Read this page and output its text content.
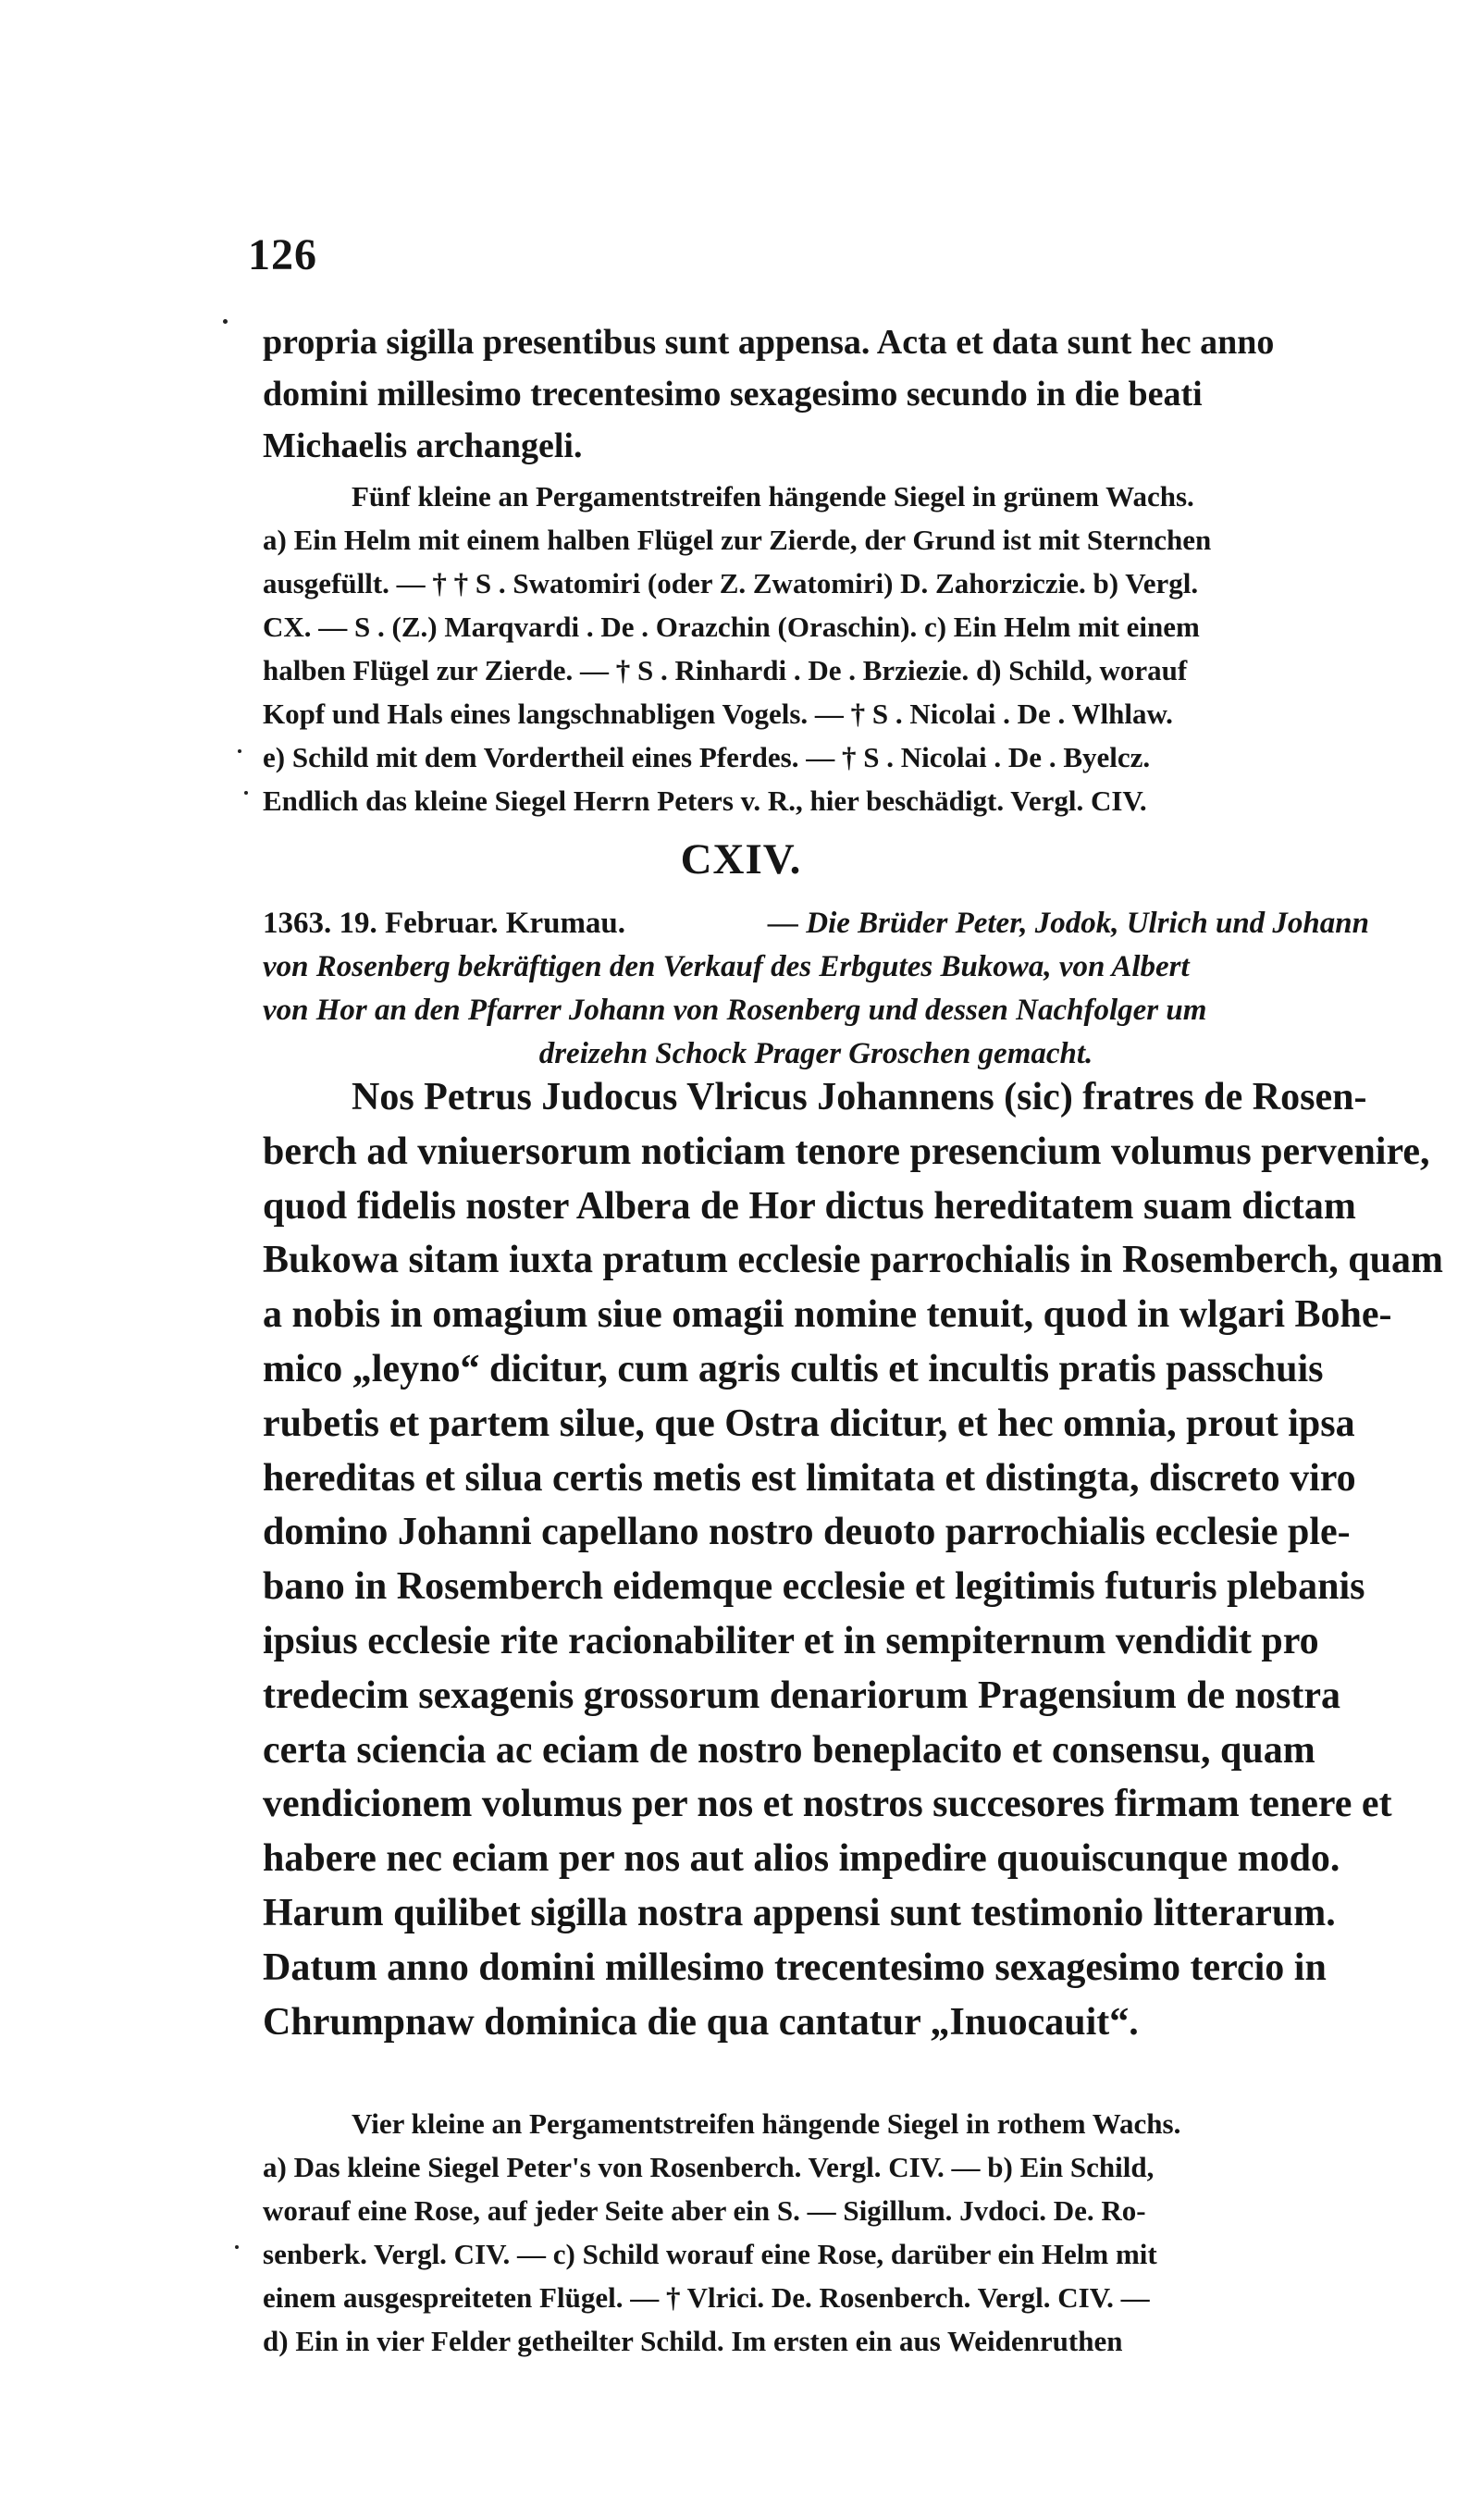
126
propria sigilla presentibus sunt appensa. Acta et data sunt hec anno
domini millesimo trecentesimo sexagesimo secundo in die beati
Michaelis archangeli.
Fünf kleine an Pergamentstreifen hängende Siegel in grünem Wachs.
a) Ein Helm mit einem halben Flügel zur Zierde, der Grund ist mit Sternchen
ausgefüllt. — † † S . Swatomiri (oder Z. Zwatomiri) D. Zahorziczie. b) Vergl.
CX. — S . (Z.) Marqvardi . De . Orazchin (Oraschin). c) Ein Helm mit einem
halben Flügel zur Zierde. — † S . Rinhardi . De . Brziezie. d) Schild, worauf
Kopf und Hals eines langschnabligen Vogels. — † S . Nicolai . De . Wlhlaw.
e) Schild mit dem Vordertheil eines Pferdes. — † S . Nicolai . De . Byelcz.
Endlich das kleine Siegel Herrn Peters v. R., hier beschädigt. Vergl. CIV.
CXIV.
1363. 19. Februar. Krumau.	— Die Brüder Peter, Jodok, Ulrich und Johann
von Rosenberg bekräftigen den Verkauf des Erbgutes Bukowa, von Albert
von Hor an den Pfarrer Johann von Rosenberg und dessen Nachfolger um
dreizehn Schock Prager Groschen gemacht.
Nos Petrus Judocus Vlricus Johannens (sic) fratres de Rosen-
berch ad vniuersorum noticiam tenore presencium volumus pervenire,
quod fidelis noster Albera de Hor dictus hereditatem suam dictam
Bukowa sitam iuxta pratum ecclesie parrochialis in Rosemberch, quam
a nobis in omagium siue omagii nomine tenuit, quod in wlgari Bohe-
mico „leyno“ dicitur, cum agris cultis et incultis pratis passchuis
rubetis et partem silue, que Ostra dicitur, et hec omnia, prout ipsa
hereditas et silua certis metis est limitata et distingta, discreto viro
domino Johanni capellano nostro deuoto parrochialis ecclesie ple-
bano in Rosemberch eidemque ecclesie et legitimis futuris plebanis
ipsius ecclesie rite racionabiliter et in sempiternum vendidit pro
tredecim sexagenis grossorum denariorum Pragensium de nostra
certa sciencia ac eciam de nostro beneplacito et consensu, quam
vendicionem volumus per nos et nostros succesores firmam tenere et
habere nec eciam per nos aut alios impedire quouiscunque modo.
Harum quilibet sigilla nostra appensi sunt testimonio litterarum.
Datum anno domini millesimo trecentesimo sexagesimo tercio in
Chrumpnaw dominica die qua cantatur „Inuocauit“.
Vier kleine an Pergamentstreifen hängende Siegel in rothem Wachs.
a) Das kleine Siegel Peter's von Rosenberch. Vergl. CIV. — b) Ein Schild,
worauf eine Rose, auf jeder Seite aber ein S. — Sigillum. Jvdoci. De. Ro-
senberk. Vergl. CIV. — c) Schild worauf eine Rose, darüber ein Helm mit
einem ausgespreiteten Flügel. — † Vlrici. De. Rosenberch. Vergl. CIV. —
d) Ein in vier Felder getheilter Schild. Im ersten ein aus Weidenruthen
